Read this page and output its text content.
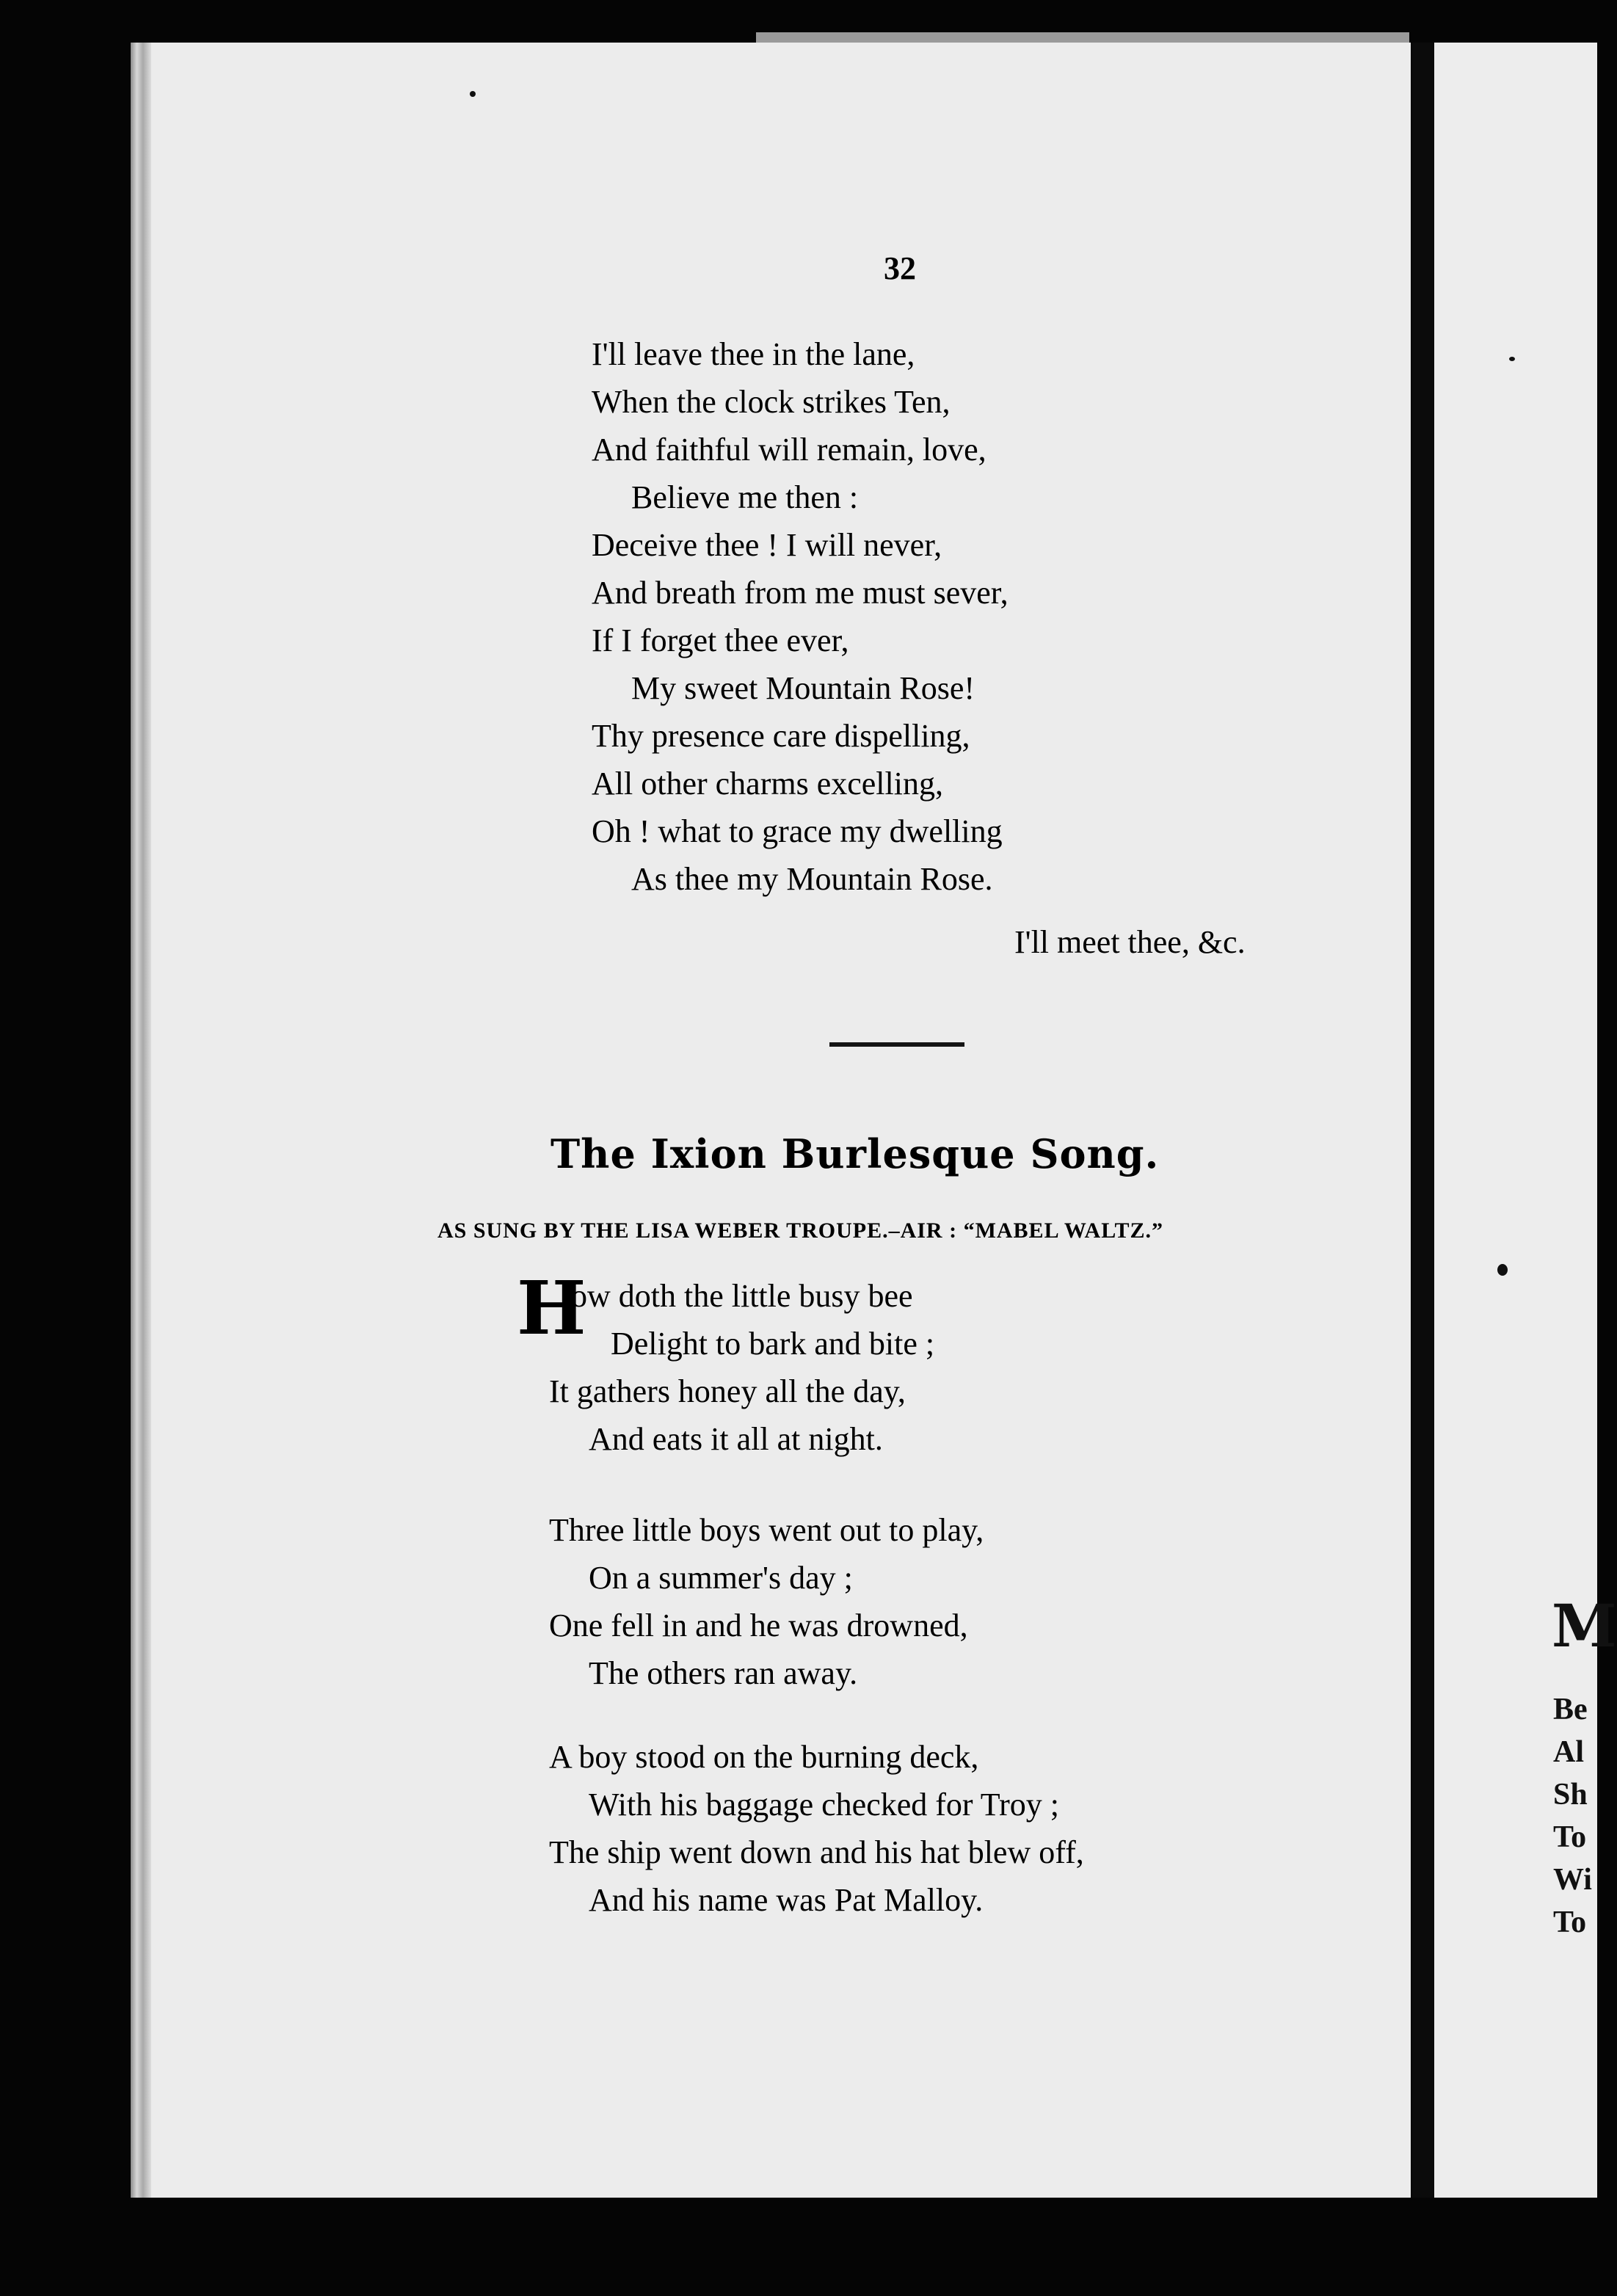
32
I'll leave thee in the lane,
When the clock strikes Ten,
And faithful will remain, love,
Believe me then :
Deceive thee ! I will never,
And breath from me must sever,
If I forget thee ever,
My sweet Mountain Rose!
Thy presence care dispelling,
All other charms excelling,
Oh ! what to grace my dwelling
As thee my Mountain Rose.
I'll meet thee, &c.
The Ixion Burlesque Song.
AS SUNG BY THE LISA WEBER TROUPE.–AIR : “MABEL WALTZ.”
H
ow doth the little busy bee
Delight to bark and bite ;
It gathers honey all the day,
And eats it all at night.
Three little boys went out to play,
On a summer's day ;
One fell in and he was drowned,
The others ran away.
A boy stood on the burning deck,
With his baggage checked for Troy ;
The ship went down and his hat blew off,
And his name was Pat Malloy.
M
Be
Al
Sh
To
Wi
To
